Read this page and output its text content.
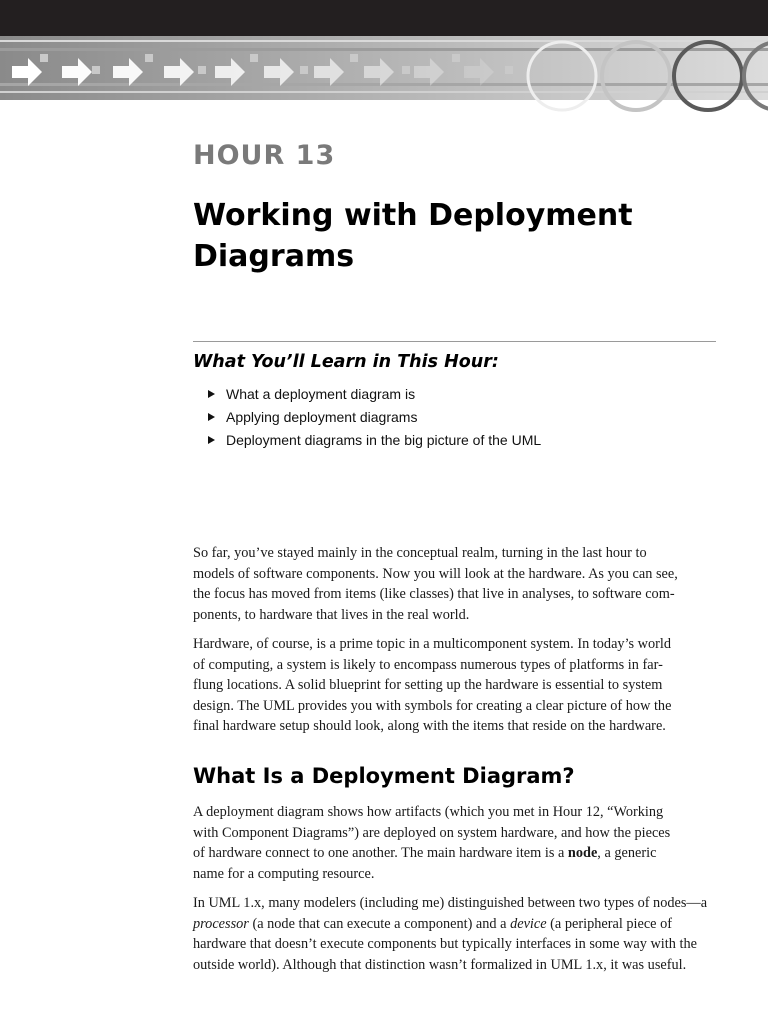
HOUR 13
Working with Deployment
Diagrams
What You’ll Learn in This Hour:
What a deployment diagram is
Applying deployment diagrams
Deployment diagrams in the big picture of the UML

So far, you’ve stayed mainly in the conceptual realm, turning in the last hour to
models of software components. Now you will look at the hardware. As you can see,
the focus has moved from items (like classes) that live in analyses, to software com-
ponents, to hardware that lives in the real world.

Hardware, of course, is a prime topic in a multicomponent system. In today’s world
of computing, a system is likely to encompass numerous types of platforms in far-
flung locations. A solid blueprint for setting up the hardware is essential to system
design. The UML provides you with symbols for creating a clear picture of how the
final hardware setup should look, along with the items that reside on the hardware.

What Is a Deployment Diagram?

A deployment diagram shows how artifacts (which you met in Hour 12, “Working
with Component Diagrams”) are deployed on system hardware, and how the pieces
of hardware connect to one another. The main hardware item is a node, a generic
name for a computing resource.

In UML 1.x, many modelers (including me) distinguished between two types of nodes—a
processor (a node that can execute a component) and a device (a peripheral piece of
hardware that doesn’t execute components but typically interfaces in some way with the
outside world). Although that distinction wasn’t formalized in UML 1.x, it was useful.
